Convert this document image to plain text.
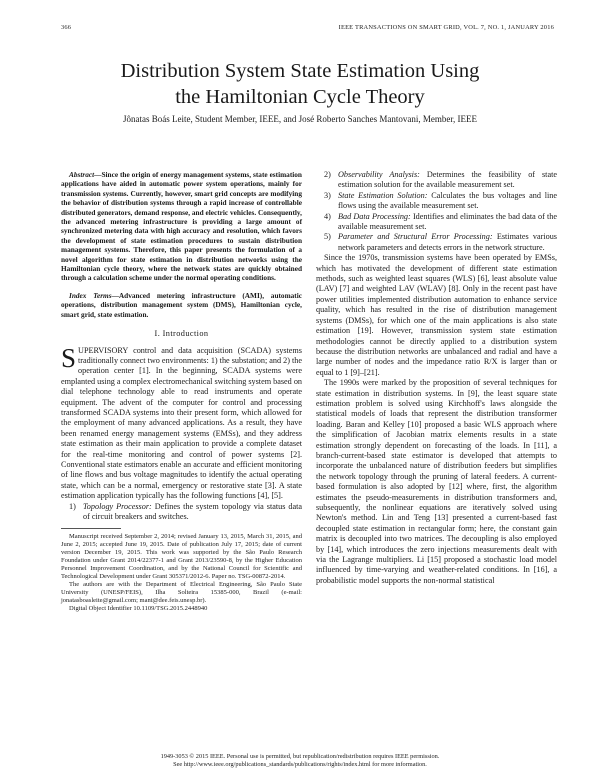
366	IEEE TRANSACTIONS ON SMART GRID, VOL. 7, NO. 1, JANUARY 2016
Distribution System State Estimation Using
the Hamiltonian Cycle Theory
Jônatas Boás Leite, Student Member, IEEE, and José Roberto Sanches Mantovani, Member, IEEE

Abstract—Since the origin of energy management systems, state estimation applications have aided in automatic power system operations, mainly for transmission systems. Currently, however, smart grid concepts are modifying the behavior of distribution systems through a rapid increase of controllable distributed generators, demand response, and electric vehicles. Consequently, the advanced metering infrastructure is providing a large amount of synchronized metering data with high accuracy and resolution, which favors the development of state estimation procedures to sustain distribution management systems. Therefore, this paper presents the formulation of a novel algorithm for state estimation in distribution networks using the Hamiltonian cycle theory, where the network states are quickly obtained through a calculation scheme under the normal operating conditions.

Index Terms—Advanced metering infrastructure (AMI), automatic operations, distribution management system (DMS), Hamiltonian cycle, smart grid, state estimation.

I. Introduction

SUPERVISORY control and data acquisition (SCADA) systems traditionally connect two environments: 1) the substation; and 2) the operation center [1]. In the beginning, SCADA systems were emplanted using a complex electromechanical switching system based on dial telephone technology able to read instruments and operate equipment. The advent of the computer for control and processing transformed SCADA systems into their present form, which allowed for the employment of many advanced applications. As a result, they have been renamed energy management systems (EMSs), and they address state estimation as their main application to provide a complete dataset for the real-time monitoring and control of power systems [2]. Conventional state estimators enable an accurate and efficient monitoring of line flows and bus voltage magnitudes to identify the actual operating state, which can be a normal, emergency or restorative state [3]. A state estimation application typically has the following functions [4], [5].

1) Topology Processor: Defines the system topology via status data of circuit breakers and switches.

Manuscript received September 2, 2014; revised January 13, 2015, March 31, 2015, and June 2, 2015; accepted June 19, 2015. Date of publication July 17, 2015; date of current version December 19, 2015. This work was supported by the São Paulo Research Foundation under Grant 2014/22377-1 and Grant 2013/23590-8, by the Higher Education Personnel Improvement Coordination, and by the National Council for Scientific and Technological Development under Grant 305371/2012-6. Paper no. TSG-00872-2014.

The authors are with the Department of Electrical Engineering, São Paulo State University (UNESP/FEIS), Ilha Solteira 15385-000, Brazil (e-mail: jonatasboasleite@gmail.com; mant@dee.feis.unesp.br).

Digital Object Identifier 10.1109/TSG.2015.2448940

2) Observability Analysis: Determines the feasibility of state estimation solution for the available measurement set.
3) State Estimation Solution: Calculates the bus voltages and line flows using the available measurement set.
4) Bad Data Processing: Identifies and eliminates the bad data of the available measurement set.
5) Parameter and Structural Error Processing: Estimates various network parameters and detects errors in the network structure.

Since the 1970s, transmission systems have been operated by EMSs, which has motivated the development of different state estimation methods, such as weighted least squares (WLS) [6], least absolute value (LAV) [7] and weighted LAV (WLAV) [8]. Only in the recent past have power utilities implemented distribution automation to enhance service quality, which has resulted in the rise of distribution management systems (DMSs), for which one of the main applications is also state estimation [19]. However, transmission system state estimation methodologies cannot be directly applied to a distribution system because the distribution networks are unbalanced and radial and have a large number of nodes and the impedance ratio R/X is larger than or equal to 1 [9]–[21].

The 1990s were marked by the proposition of several techniques for state estimation in distribution systems. In [9], the least square state estimation problem is solved using Kirchhoff's laws alongside the statistical models of loads that represent the distribution transformer loading. Baran and Kelley [10] proposed a basic WLS approach where the simplification of Jacobian matrix elements results in a state estimation strongly dependent on forecasting of the loads. In [11], a branch-current-based state estimator is developed that attempts to incorporate the unbalanced nature of distribution feeders but simplifies the network topology through the pruning of lateral feeders. A current-based formulation is also adopted by [12] where, first, the algorithm estimates the pseudo-measurements in distribution transformers and, subsequently, the nonlinear equations are iteratively solved using Newton's method. Lin and Teng [13] presented a current-based fast decoupled state estimation in rectangular form; here, the constant gain matrix is decoupled into two matrices. The decoupling is also employed by [14], which introduces the zero injections measurements dealt with via the Lagrange multipliers. Li [15] proposed a stochastic load model influenced by time-varying and weather-related conditions. In [16], a probabilistic model supports the non-normal statistical

1949-3053 © 2015 IEEE. Personal use is permitted, but republication/redistribution requires IEEE permission.
See http://www.ieee.org/publications_standards/publications/rights/index.html for more information.
